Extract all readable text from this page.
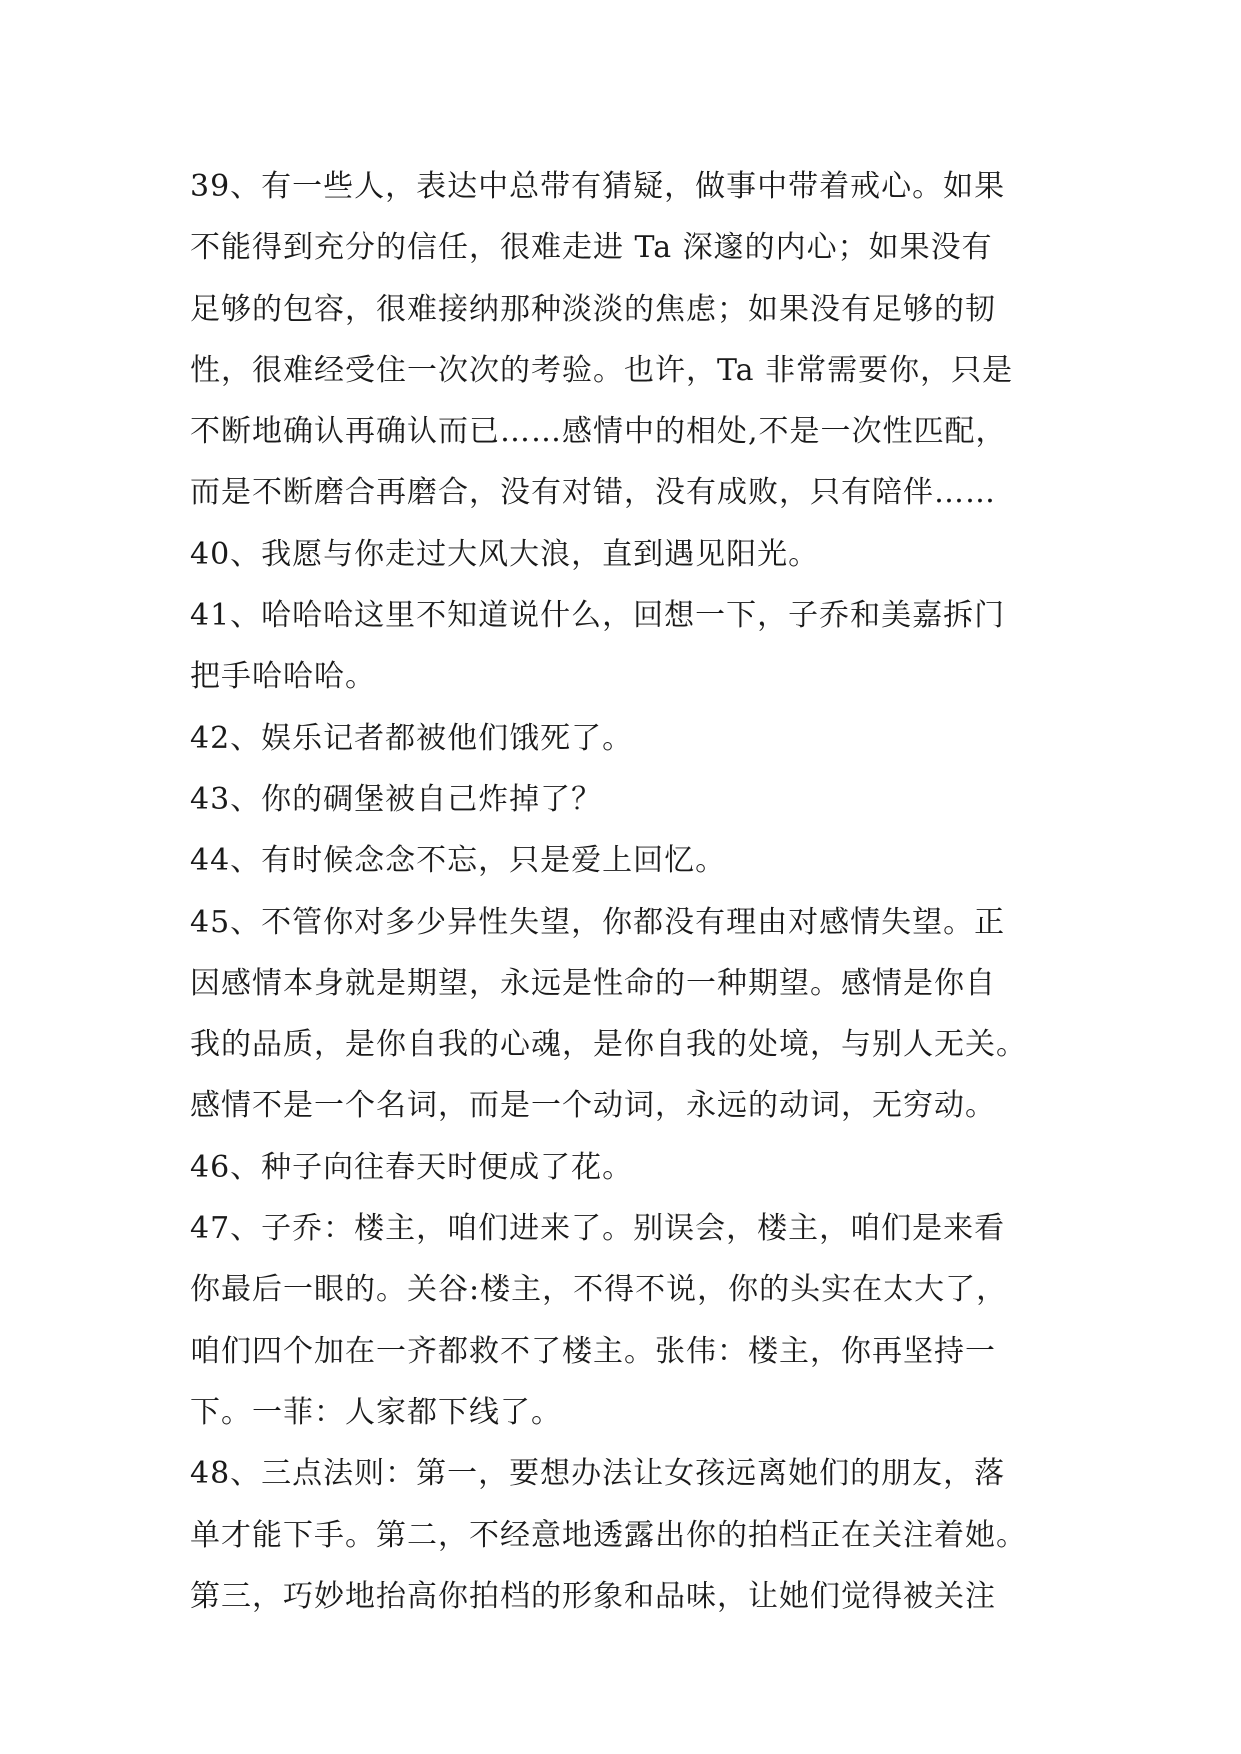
39、有一些人，表达中总带有猜疑，做事中带着戒心。如果
不能得到充分的信任，很难走进 Ta 深邃的内心；如果没有
足够的包容，很难接纳那种淡淡的焦虑；如果没有足够的韧
性，很难经受住一次次的考验。也许，Ta 非常需要你，只是
不断地确认再确认而已……感情中的相处,不是一次性匹配，
而是不断磨合再磨合，没有对错，没有成败，只有陪伴……
40、我愿与你走过大风大浪，直到遇见阳光。
41、哈哈哈这里不知道说什么，回想一下，子乔和美嘉拆门
把手哈哈哈。
42、娱乐记者都被他们饿死了。
43、你的碉堡被自己炸掉了？
44、有时候念念不忘，只是爱上回忆。
45、不管你对多少异性失望，你都没有理由对感情失望。正
因感情本身就是期望，永远是性命的一种期望。感情是你自
我的品质，是你自我的心魂，是你自我的处境，与别人无关。
感情不是一个名词，而是一个动词，永远的动词，无穷动。
46、种子向往春天时便成了花。
47、子乔：楼主，咱们进来了。别误会，楼主，咱们是来看
你最后一眼的。关谷:楼主，不得不说，你的头实在太大了，
咱们四个加在一齐都救不了楼主。张伟：楼主，你再坚持一
下。一菲：人家都下线了。
48、三点法则：第一，要想办法让女孩远离她们的朋友，落
单才能下手。第二，不经意地透露出你的拍档正在关注着她。
第三，巧妙地抬高你拍档的形象和品味，让她们觉得被关注
